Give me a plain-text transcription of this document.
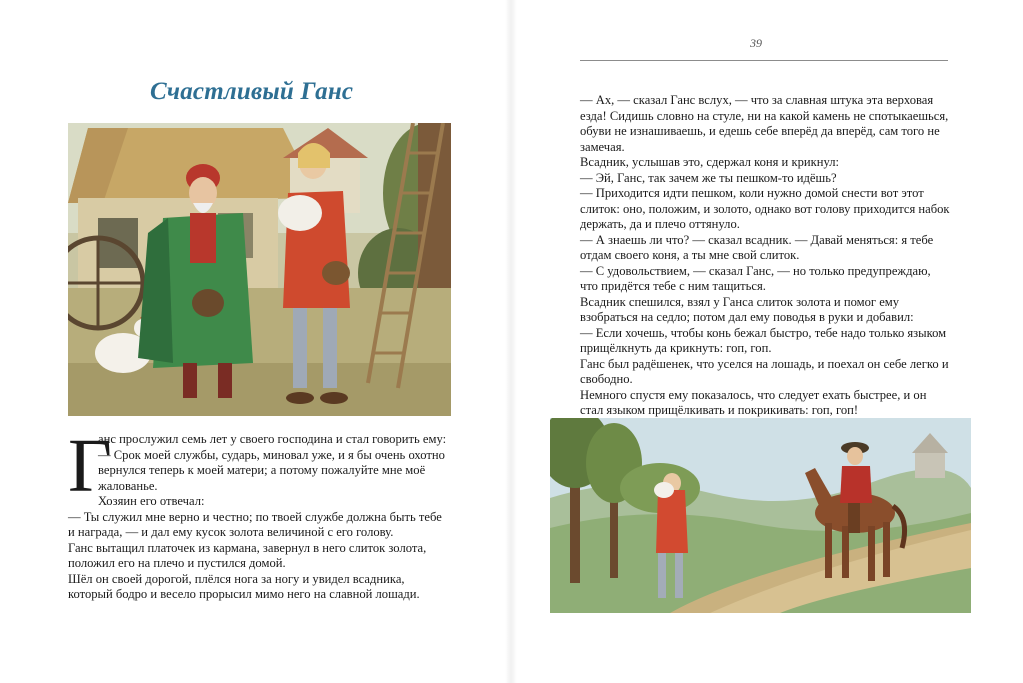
Счастливый Ганс
Г

анс прослужил семь лет у своего господина и стал говорить ему:

— Срок моей службы, сударь, миновал уже, и я бы очень охотно вернулся теперь к моей матери; а потому пожалуйте мне моё жалованье.

Хозяин его отвечал:

— Ты служил мне верно и честно; по твоей службе должна быть тебе и награда, — и дал ему кусок золота величиной с его голову.

Ганс вытащил платочек из кармана, завернул в него слиток золота, положил его на плечо и пустился домой.

Шёл он своей дорогой, плёлся нога за ногу и увидел всадника, который бодро и весело прорысил мимо него на славной лошади.

39

— Ах, — сказал Ганс вслух, — что за славная штука эта верховая езда! Сидишь словно на стуле, ни на какой камень не спотыкаешься, обуви не изнашиваешь, и едешь себе вперёд да вперёд, сам того не замечая.

Всадник, услышав это, сдержал коня и крикнул:

— Эй, Ганс, так зачем же ты пешком-то идёшь?

— Приходится идти пешком, коли нужно домой снести вот этот слиток: оно, положим, и золото, однако вот голову приходится набок держать, да и плечо оттянуло.

— А знаешь ли что? — сказал всадник. — Давай меняться: я тебе отдам своего коня, а ты мне свой слиток.

— С удовольствием, — сказал Ганс, — но только предупреждаю, что придётся тебе с ним тащиться.

Всадник спешился, взял у Ганса слиток золота и помог ему взобраться на седло; потом дал ему поводья в руки и добавил:

— Если хочешь, чтобы конь бежал быстро, тебе надо только языком прищёлкнуть да крикнуть: гоп, гоп.

Ганс был радёшенек, что уселся на лошадь, и поехал он себе легко и свободно.

Немного спустя ему показалось, что следует ехать быстрее, и он стал языком прищёлкивать и покрикивать: гоп, гоп!
